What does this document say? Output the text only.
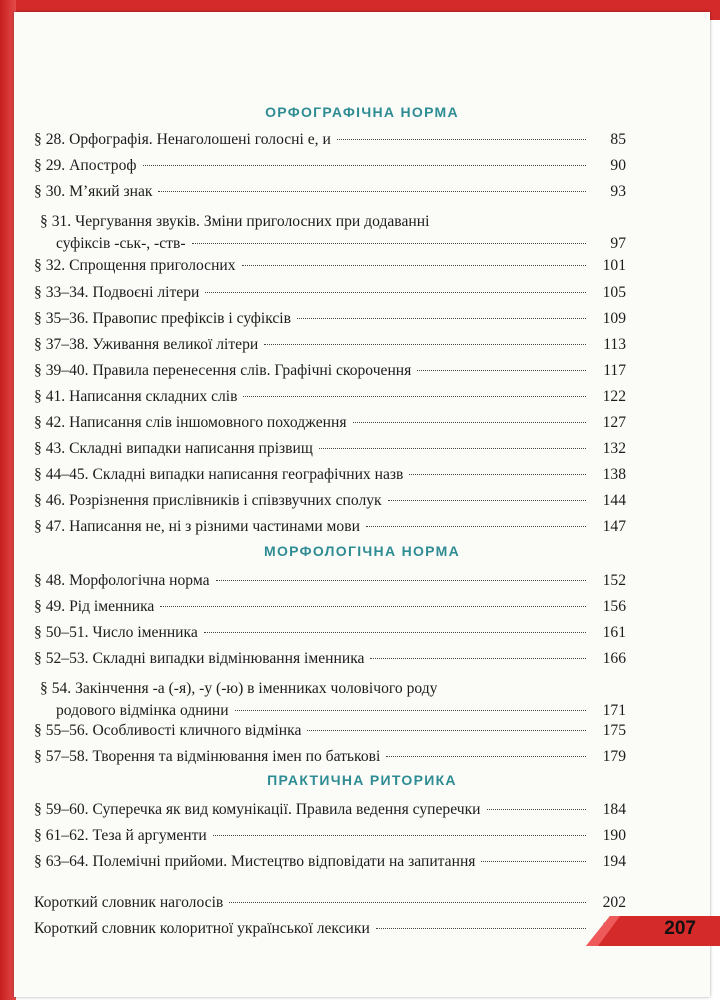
ОРФОГРАФІЧНА НОРМА
§ 28. Орфографія. Ненаголошені голосні е, и	85
§ 29. Апостроф	90
§ 30. М’який знак	93
§ 31. Чергування звуків. Зміни приголосних при додаванні
суфіксів -ськ-, -ств-	97
§ 32. Спрощення приголосних	101
§ 33–34. Подвоєні літери	105
§ 35–36. Правопис префіксів і суфіксів	109
§ 37–38. Уживання великої літери	113
§ 39–40. Правила перенесення слів. Графічні скорочення	117
§ 41. Написання складних слів	122
§ 42. Написання слів іншомовного походження	127
§ 43. Складні випадки написання прізвищ	132
§ 44–45. Складні випадки написання географічних назв	138
§ 46. Розрізнення прислівників і співзвучних сполук	144
§ 47. Написання не, ні з різними частинами мови	147
МОРФОЛОГІЧНА НОРМА
§ 48. Морфологічна норма	152
§ 49. Рід іменника	156
§ 50–51. Число іменника	161
§ 52–53. Складні випадки відмінювання іменника	166
§ 54. Закінчення -а (-я), -у (-ю) в іменниках чоловічого роду
родового відмінка однини	171
§ 55–56. Особливості кличного відмінка	175
§ 57–58. Творення та відмінювання імен по батькові	179
ПРАКТИЧНА РИТОРИКА
§ 59–60. Суперечка як вид комунікації. Правила ведення суперечки	184
§ 61–62. Теза й аргументи	190
§ 63–64. Полемічні прийоми. Мистецтво відповідати на запитання	194
Короткий словник наголосів	202
Короткий словник колоритної української лексики	207
